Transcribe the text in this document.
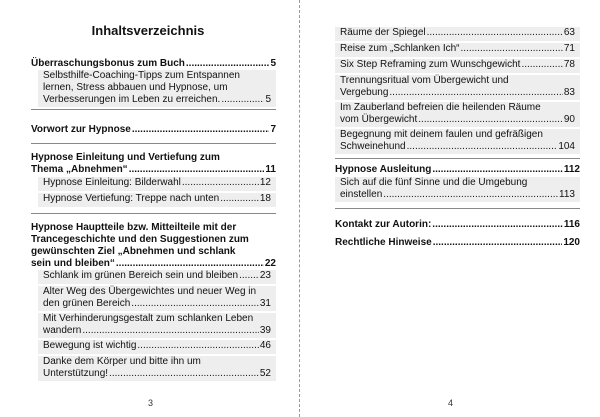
Inhaltsverzeichnis
Überraschungsbonus zum Buch .....	5
Selbsthilfe-Coaching-Tipps zum Entspannen
lernen, Stress abbauen und Hypnose, um
Verbesserungen im Leben zu erreichen. .....	5
Vorwort zur Hypnose .....	7
Hypnose Einleitung und Vertiefung zum
Thema „Abnehmen“ .....	11
Hypnose Einleitung: Bilderwahl .....	12
Hypnose Vertiefung: Treppe nach unten .....	18
Hypnose Hauptteile bzw. Mitteilteile mit der
Trancegeschichte und den Suggestionen zum
gewünschten Ziel „Abnehmen und schlank
sein und bleiben“ .....	22
Schlank im grünen Bereich sein und bleiben ..... 23
Alter Weg des Übergewichtes und neuer Weg in
den grünen Bereich .....	31
Mit Verhinderungsgestalt zum schlanken Leben
wandern .....	39
Bewegung ist wichtig .....	46
Danke dem Körper und bitte ihn um
Unterstützung! .....	52
3
Räume der Spiegel .....	63
Reise zum „Schlanken Ich“ .....	71
Six Step Reframing zum Wunschgewicht .....	78
Trennungsritual vom Übergewicht und
Vergebung .....	83
Im Zauberland befreien die heilenden Räume
vom Übergewicht .....	90
Begegnung mit deinem faulen und gefräßigen
Schweinehund .....	104
Hypnose Ausleitung .....	112
Sich auf die fünf Sinne und die Umgebung
einstellen .....	113
Kontakt zur Autorin: .....	116
Rechtliche Hinweise .....	120
4
